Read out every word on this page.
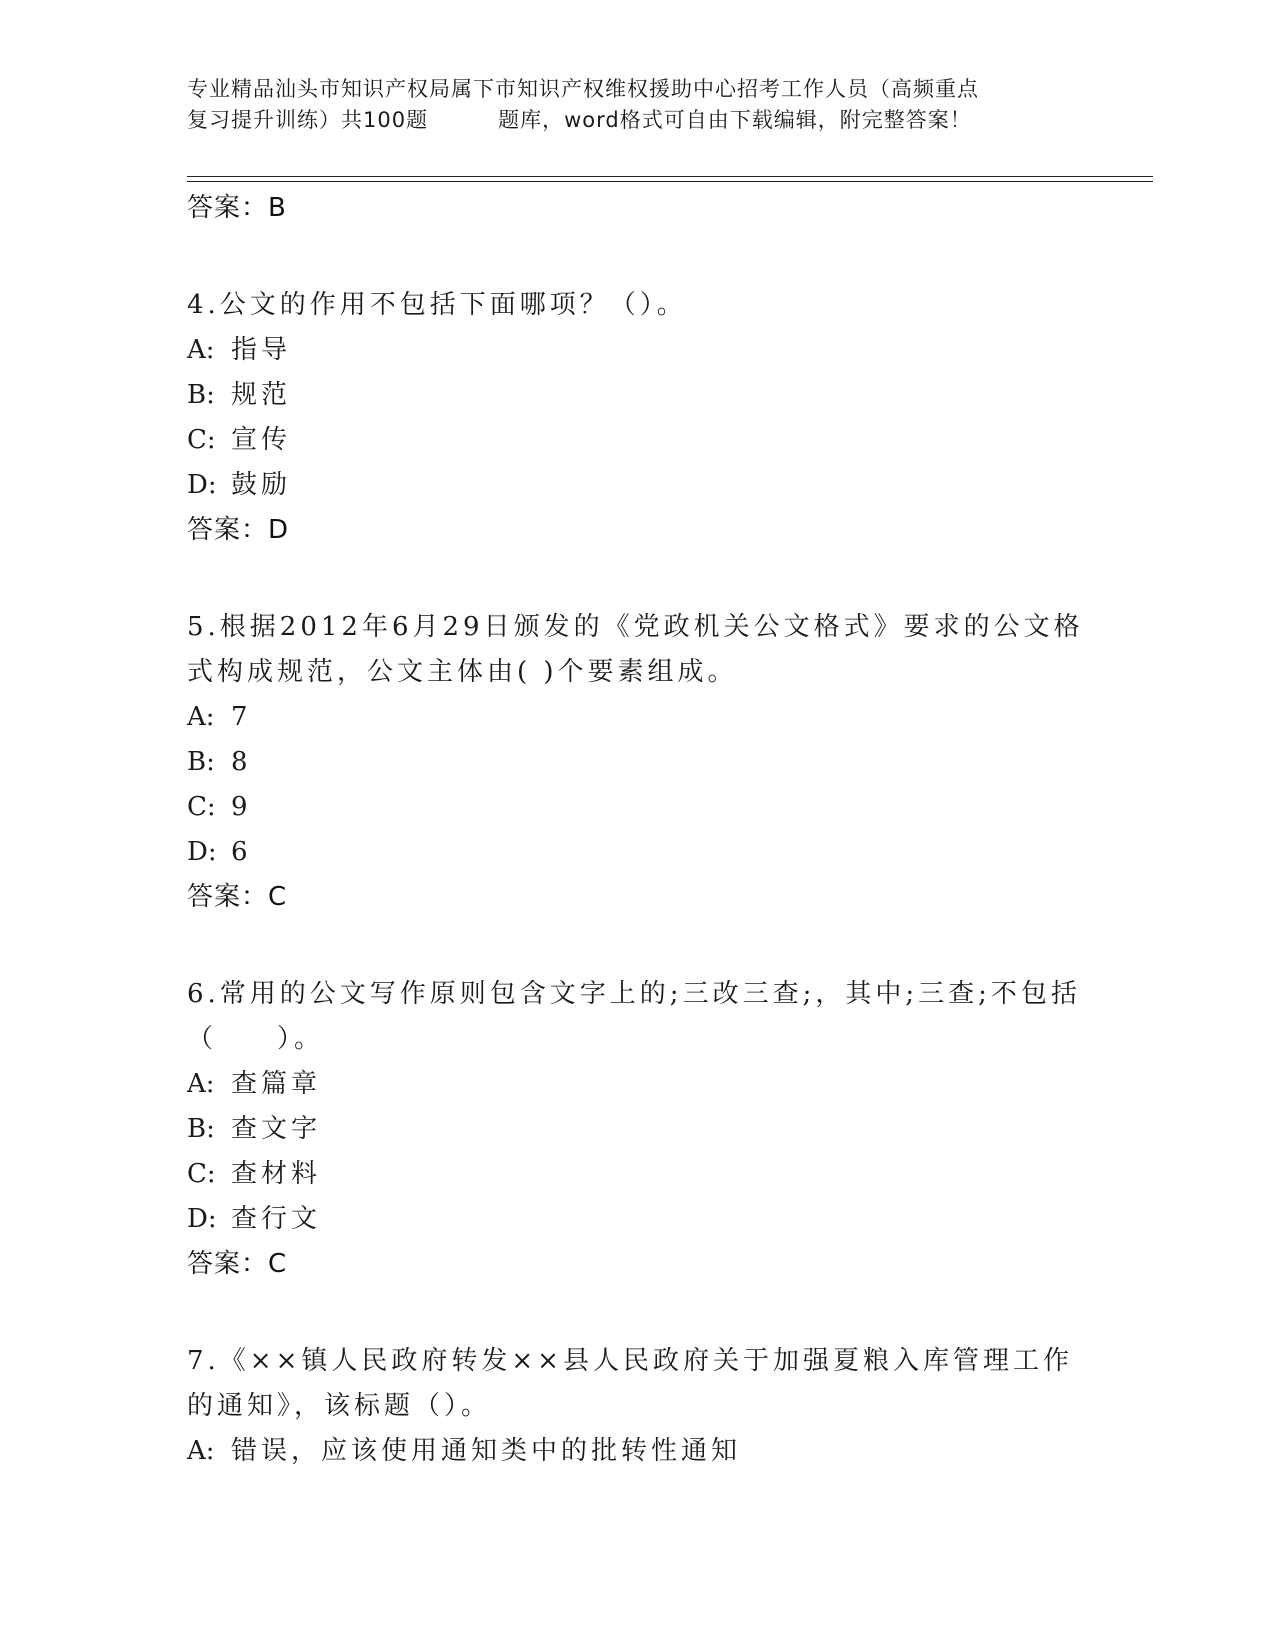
专业精品汕头市知识产权局属下市知识产权维权援助中心招考工作人员（高频重点
复习提升训练）共100题	题库，word格式可自由下载编辑，附完整答案！

答案：B

4.公文的作用不包括下面哪项？（）。

A: 指导

B: 规范

C: 宣传

D: 鼓励

答案：D

5.根据2012年6月29日颁发的《党政机关公文格式》要求的公文格

式构成规范，公文主体由( )个要素组成。

A: 7

B: 8

C: 9

D: 6

答案：C

6.常用的公文写作原则包含文字上的;三改三查;，其中;三查;不包括

（　　）。

A: 查篇章

B: 查文字

C: 查材料

D: 查行文

答案：C

7.《××镇人民政府转发××县人民政府关于加强夏粮入库管理工作

的通知》，该标题（）。

A: 错误，应该使用通知类中的批转性通知
